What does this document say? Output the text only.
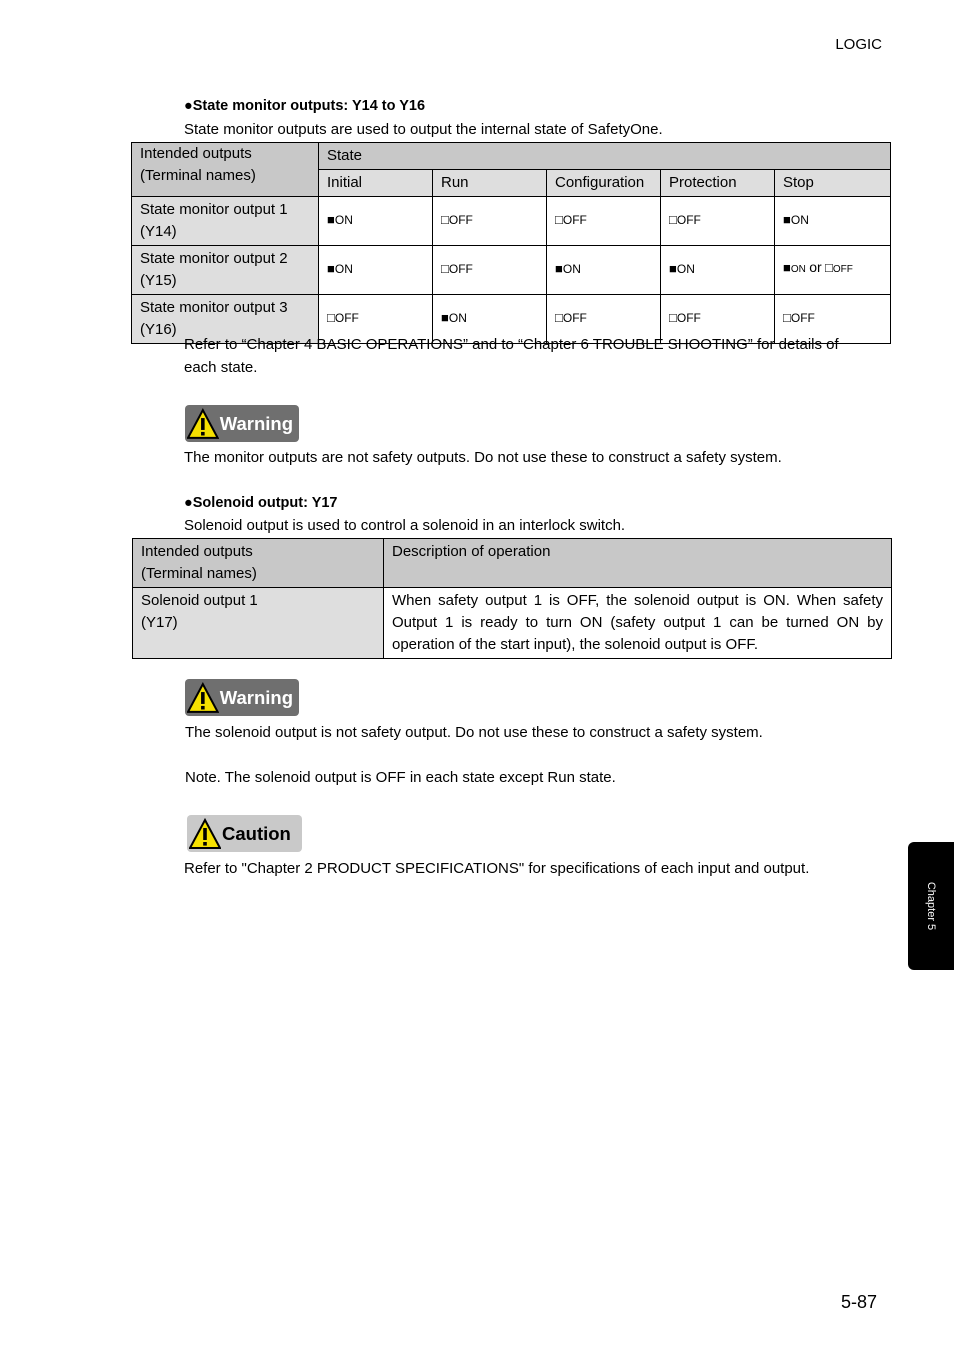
LOGIC
●State monitor outputs: Y14 to Y16
State monitor outputs are used to output the internal state of SafetyOne.
Intended outputs
(Terminal names)	State				
	Initial	Run	Configuration	Protection	Stop

State monitor output 1
(Y14)	■ON	□OFF	□OFF	□OFF	■ON

State monitor output 2
(Y15)	■ON	□OFF	■ON	■ON	■ON or □OFF

State monitor output 3
(Y16)	□OFF	■ON	□OFF	□OFF	□OFF
Refer to “Chapter 4 BASIC OPERATIONS” and to “Chapter 6 TROUBLE SHOOTING” for details of
each state.
Warning
The monitor outputs are not safety outputs. Do not use these to construct a safety system.
●Solenoid output: Y17
Solenoid output is used to control a solenoid in an interlock switch.
Intended outputs
(Terminal names)	Description of operation

Solenoid output 1
(Y17)	When safety output 1 is OFF, the solenoid output is ON. When safety Output 1 is ready to turn ON (safety output 1 can be turned ON by operation of the start input), the solenoid output is OFF.
Warning
The solenoid output is not safety output. Do not use these to construct a safety system.
Note. The solenoid output is OFF in each state except Run state.
Caution
Refer to "Chapter 2 PRODUCT SPECIFICATIONS" for specifications of each input and output.
Chapter 5
5-87
